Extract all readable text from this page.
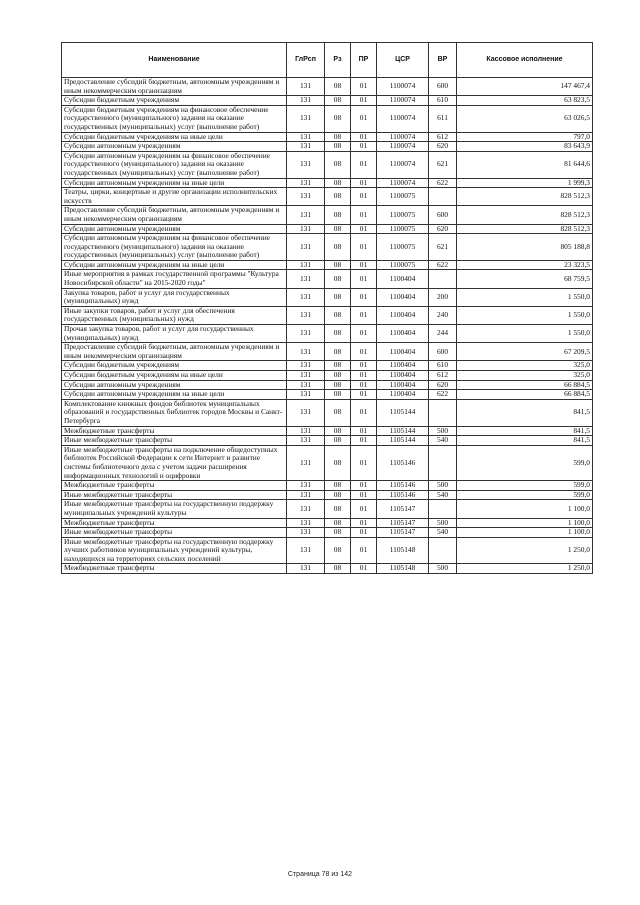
Наименование	ГлРсп	Рз	ПР	ЦСР	ВР	Кассовое исполнение
Предоставление субсидий бюджетным, автономным учреждениям и иным некоммерческим организациям	131	08	01	1100074	600	147 467,4
Субсидии бюджетным учреждениям	131	08	01	1100074	610	63 823,5
Субсидии бюджетным учреждениям на финансовое обеспечение государственного (муниципального) задания на оказание государственных (муниципальных) услуг (выполнение работ)	131	08	01	1100074	611	63 026,5
Субсидии бюджетным учреждениям на иные цели	131	08	01	1100074	612	797,0
Субсидии автономным учреждениям	131	08	01	1100074	620	83 643,9
Субсидии автономным учреждениям на финансовое обеспечение государственного (муниципального) задания на оказание государственных (муниципальных) услуг (выполнение работ)	131	08	01	1100074	621	81 644,6
Субсидии автономным учреждениям на иные цели	131	08	01	1100074	622	1 999,3
Театры, цирки, концертные и другие организации исполнительских искусств	131	08	01	1100075		828 512,3
Предоставление субсидий бюджетным, автономным учреждениям и иным некоммерческим организациям	131	08	01	1100075	600	828 512,3
Субсидии автономным учреждениям	131	08	01	1100075	620	828 512,3
Субсидии автономным учреждениям на финансовое обеспечение государственного (муниципального) задания на оказание государственных (муниципальных) услуг (выполнение работ)	131	08	01	1100075	621	805 188,8
Субсидии автономным учреждениям на иные цели	131	08	01	1100075	622	23 323,5
Иные мероприятия в рамках государственной программы "Культура Новосибирской области" на 2015-2020 годы"	131	08	01	1100404		68 759,5
Закупка товаров, работ и услуг для государственных (муниципальных) нужд	131	08	01	1100404	200	1 550,0
Иные закупки товаров, работ и услуг для обеспечения государственных (муниципальных) нужд	131	08	01	1100404	240	1 550,0
Прочая закупка товаров, работ и услуг для государственных (муниципальных) нужд	131	08	01	1100404	244	1 550,0
Предоставление субсидий бюджетным, автономным учреждениям и иным некоммерческим организациям	131	08	01	1100404	600	67 209,5
Субсидии бюджетным учреждениям	131	08	01	1100404	610	325,0
Субсидии бюджетным учреждениям на иные цели	131	08	01	1100404	612	325,0
Субсидии автономным учреждениям	131	08	01	1100404	620	66 884,5
Субсидии автономным учреждениям на иные цели	131	08	01	1100404	622	66 884,5
Комплектование книжных фондов библиотек муниципальных образований и государственных библиотек городов Москвы и Санкт-Петербурга	131	08	01	1105144		841,5
Межбюджетные трансферты	131	08	01	1105144	500	841,5
Иные межбюджетные трансферты	131	08	01	1105144	540	841,5
Иные межбюджетные трансферты на подключение общедоступных библиотек Российской Федерации к сети Интернет и развитие системы библиотечного дела с учетом задачи расширения информационных технологий и оцифровки	131	08	01	1105146		599,0
Межбюджетные трансферты	131	08	01	1105146	500	599,0
Иные межбюджетные трансферты	131	08	01	1105146	540	599,0
Иные межбюджетные трансферты на государственную поддержку муниципальных учреждений культуры	131	08	01	1105147		1 100,0
Межбюджетные трансферты	131	08	01	1105147	500	1 100,0
Иные межбюджетные трансферты	131	08	01	1105147	540	1 100,0
Иные межбюджетные трансферты на государственную поддержку лучших работников муниципальных учреждений культуры, находящихся на территориях сельских поселений	131	08	01	1105148		1 250,0
Межбюджетные трансферты	131	08	01	1105148	500	1 250,0
Страница 78 из 142
